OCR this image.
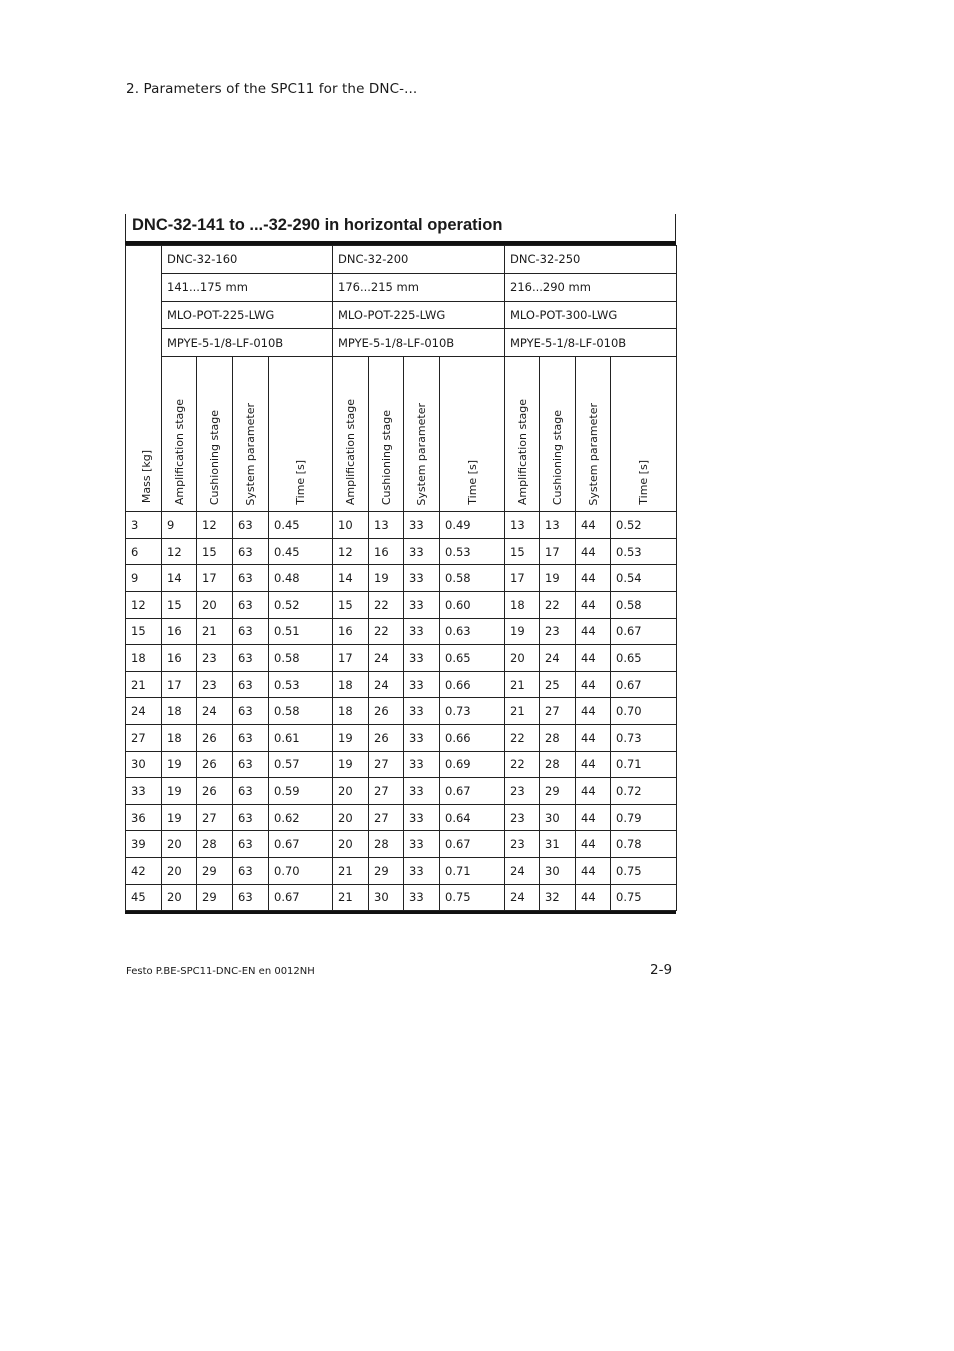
2. Parameters of the SPC11 for the DNC-...
DNC-32-141 to ...-32-290 in horizontal operation
Mass [kg]	DNC-32-160				DNC-32-200				DNC-32-250			
	141...175 mm				176...215 mm				216...290 mm			
	MLO-POT-225-LWG				MLO-POT-225-LWG				MLO-POT-300-LWG			
	MPYE-5-1/8-LF-010B				MPYE-5-1/8-LF-010B				MPYE-5-1/8-LF-010B			

	Amplification stage	Cushioning stage	System parameter	Time [s]	Amplification stage	Cushioning stage	System parameter	Time [s]	Amplification stage	Cushioning stage	System parameter	Time [s]

3	9	12	63	0.45	10	13	33	0.49	13	13	44	0.52
6	12	15	63	0.45	12	16	33	0.53	15	17	44	0.53
9	14	17	63	0.48	14	19	33	0.58	17	19	44	0.54
12	15	20	63	0.52	15	22	33	0.60	18	22	44	0.58
15	16	21	63	0.51	16	22	33	0.63	19	23	44	0.67
18	16	23	63	0.58	17	24	33	0.65	20	24	44	0.65
21	17	23	63	0.53	18	24	33	0.66	21	25	44	0.67
24	18	24	63	0.58	18	26	33	0.73	21	27	44	0.70
27	18	26	63	0.61	19	26	33	0.66	22	28	44	0.73
30	19	26	63	0.57	19	27	33	0.69	22	28	44	0.71
33	19	26	63	0.59	20	27	33	0.67	23	29	44	0.72
36	19	27	63	0.62	20	27	33	0.64	23	30	44	0.79
39	20	28	63	0.67	20	28	33	0.67	23	31	44	0.78
42	20	29	63	0.70	21	29	33	0.71	24	30	44	0.75
45	20	29	63	0.67	21	30	33	0.75	24	32	44	0.75
Festo P.BE-SPC11-DNC-EN en 0012NH	2-9
